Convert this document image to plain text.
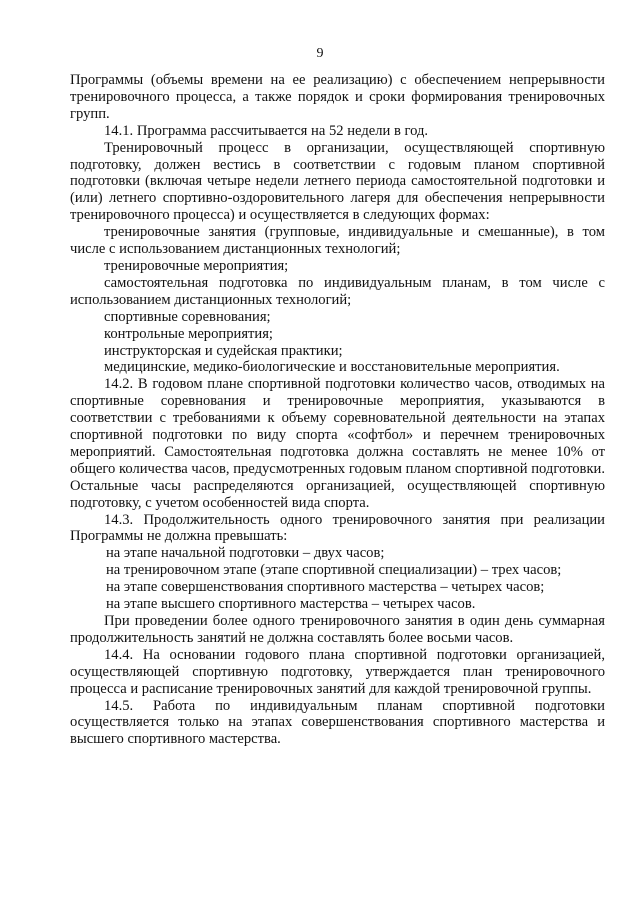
9

Программы (объемы времени на ее реализацию) с обеспечением непрерывности тренировочного процесса, а также порядок и сроки формирования тренировочных групп.

14.1. Программа рассчитывается на 52 недели в год.

Тренировочный процесс в организации, осуществляющей спортивную подготовку, должен вестись в соответствии с годовым планом спортивной подготовки (включая четыре недели летнего периода самостоятельной подготовки и (или) летнего спортивно-оздоровительного лагеря для обеспечения непрерывности тренировочного процесса) и осуществляется в следующих формах:

тренировочные занятия (групповые, индивидуальные и смешанные), в том числе с использованием дистанционных технологий;

тренировочные мероприятия;

самостоятельная подготовка по индивидуальным планам, в том числе с использованием дистанционных технологий;

спортивные соревнования;

контрольные мероприятия;

инструкторская и судейская практики;

медицинские, медико-биологические и восстановительные мероприятия.

14.2. В годовом плане спортивной подготовки количество часов, отводимых на спортивные соревнования и тренировочные мероприятия, указываются в соответствии с требованиями к объему соревновательной деятельности на этапах спортивной подготовки по виду спорта «софтбол» и перечнем тренировочных мероприятий. Самостоятельная подготовка должна составлять не менее 10% от общего количества часов, предусмотренных годовым планом спортивной подготовки. Остальные часы распределяются организацией, осуществляющей спортивную подготовку, с учетом особенностей вида спорта.

14.3. Продолжительность одного тренировочного занятия при реализации Программы не должна превышать:

на этапе начальной подготовки – двух часов;

на тренировочном этапе (этапе спортивной специализации) – трех часов;

на этапе совершенствования спортивного мастерства – четырех часов;

на этапе высшего спортивного мастерства – четырех часов.

При проведении более одного тренировочного занятия в один день суммарная продолжительность занятий не должна составлять более восьми часов.

14.4. На основании годового плана спортивной подготовки организацией, осуществляющей спортивную подготовку, утверждается план тренировочного процесса и расписание тренировочных занятий для каждой тренировочной группы.

14.5. Работа по индивидуальным планам спортивной подготовки осуществляется только на этапах совершенствования спортивного мастерства и высшего спортивного мастерства.
